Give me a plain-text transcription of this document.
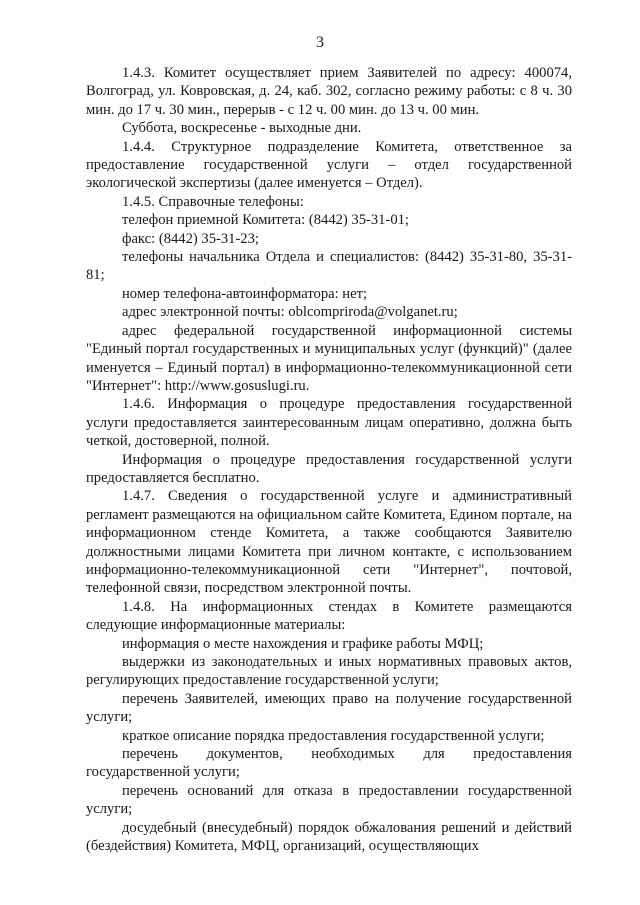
3

1.4.3. Комитет осуществляет прием Заявителей по адресу: 400074, Волгоград, ул. Ковровская, д. 24, каб. 302, согласно режиму работы: с 8 ч. 30 мин. до 17 ч. 30 мин., перерыв - с 12 ч. 00 мин. до 13 ч. 00 мин.

Суббота, воскресенье - выходные дни.

1.4.4. Структурное подразделение Комитета, ответственное за предоставление государственной услуги – отдел государственной экологической экспертизы (далее именуется – Отдел).

1.4.5. Справочные телефоны:

телефон приемной Комитета: (8442) 35-31-01;

факс: (8442) 35-31-23;

телефоны начальника Отдела и специалистов: (8442) 35-31-80, 35-31-81;

номер телефона-автоинформатора: нет;

адрес электронной почты: oblcompriroda@volganet.ru;

адрес федеральной государственной информационной системы "Единый портал государственных и муниципальных услуг (функций)" (далее именуется – Единый портал) в информационно-телекоммуникационной сети "Интернет": http://www.gosuslugi.ru.

1.4.6. Информация о процедуре предоставления государственной услуги предоставляется заинтересованным лицам оперативно, должна быть четкой, достоверной, полной.

Информация о процедуре предоставления государственной услуги предоставляется бесплатно.

1.4.7. Сведения о государственной услуге и административный регламент размещаются на официальном сайте Комитета, Едином портале, на информационном стенде Комитета, а также сообщаются Заявителю должностными лицами Комитета при личном контакте, с использованием информационно-телекоммуникационной сети "Интернет", почтовой, телефонной связи, посредством электронной почты.

1.4.8. На информационных стендах в Комитете размещаются следующие информационные материалы:

информация о месте нахождения и графике работы МФЦ;

выдержки из законодательных и иных нормативных правовых актов, регулирующих предоставление государственной услуги;

перечень Заявителей, имеющих право на получение государственной услуги;

краткое описание порядка предоставления государственной услуги;

перечень документов, необходимых для предоставления государственной услуги;

перечень оснований для отказа в предоставлении государственной услуги;

досудебный (внесудебный) порядок обжалования решений и действий (бездействия) Комитета, МФЦ, организаций, осуществляющих
